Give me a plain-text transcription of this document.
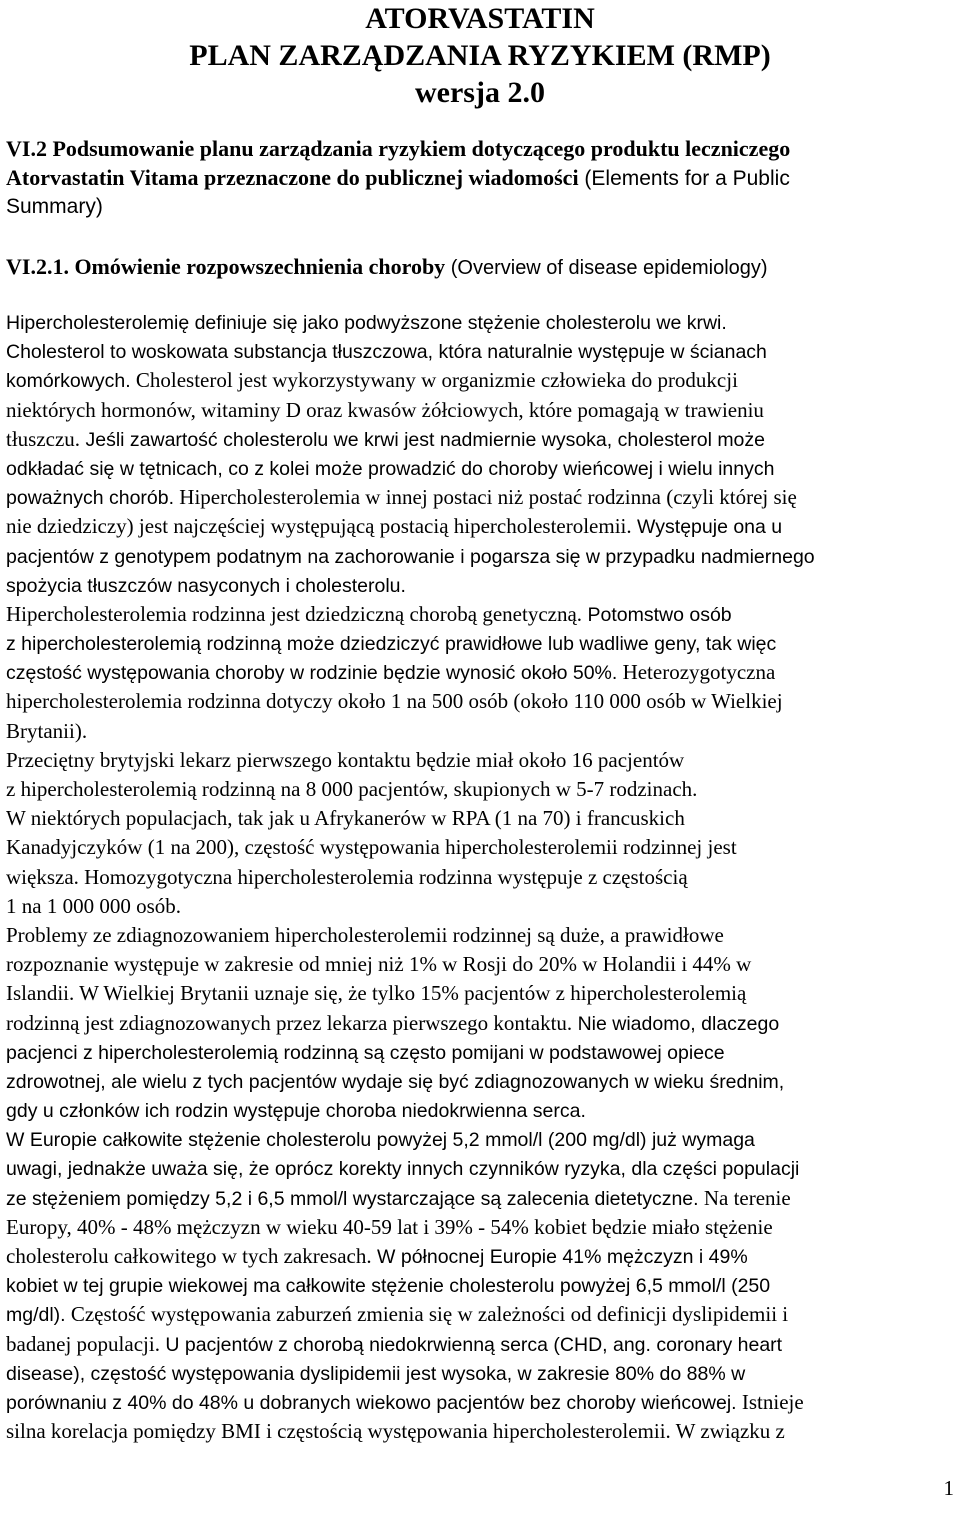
ATORVASTATIN
PLAN ZARZĄDZANIA RYZYKIEM (RMP)
wersja 2.0
VI.2 Podsumowanie planu zarządzania ryzykiem dotyczącego produktu leczniczego
Atorvastatin Vitama przeznaczone do publicznej wiadomości (Elements for a Public
Summary)
VI.2.1. Omówienie rozpowszechnienia choroby (Overview of disease epidemiology)
Hipercholesterolemię definiuje się jako podwyższone stężenie cholesterolu we krwi.
Cholesterol to woskowata substancja tłuszczowa, która naturalnie występuje w ścianach
komórkowych. Cholesterol jest wykorzystywany w organizmie człowieka do produkcji
niektórych hormonów, witaminy D oraz kwasów żółciowych, które pomagają w trawieniu
tłuszczu. Jeśli zawartość cholesterolu we krwi jest nadmiernie wysoka, cholesterol może
odkładać się w tętnicach, co z kolei może prowadzić do choroby wieńcowej i wielu innych
poważnych chorób. Hipercholesterolemia w innej postaci niż postać rodzinna (czyli której się
nie dziedziczy) jest najczęściej występującą postacią hipercholesterolemii. Występuje ona u
pacjentów z genotypem podatnym na zachorowanie i pogarsza się w przypadku nadmiernego
spożycia tłuszczów nasyconych i cholesterolu.
Hipercholesterolemia rodzinna jest dziedziczną chorobą genetyczną. Potomstwo osób
z hipercholesterolemią rodzinną może dziedziczyć prawidłowe lub wadliwe geny, tak więc
częstość występowania choroby w rodzinie będzie wynosić około 50%. Heterozygotyczna
hipercholesterolemia rodzinna dotyczy około 1 na 500 osób (około 110 000 osób w Wielkiej
Brytanii).
Przeciętny brytyjski lekarz pierwszego kontaktu będzie miał około 16 pacjentów
z hipercholesterolemią rodzinną na 8 000 pacjentów, skupionych w 5-7 rodzinach.
W niektórych populacjach, tak jak u Afrykanerów w RPA (1 na 70) i francuskich
Kanadyjczyków (1 na 200), częstość występowania hipercholesterolemii rodzinnej jest
większa. Homozygotyczna hipercholesterolemia rodzinna występuje z częstością
1 na 1 000 000 osób.
Problemy ze zdiagnozowaniem hipercholesterolemii rodzinnej są duże, a prawidłowe
rozpoznanie występuje w zakresie od mniej niż 1% w Rosji do 20% w Holandii i 44% w
Islandii. W Wielkiej Brytanii uznaje się, że tylko 15% pacjentów z hipercholesterolemią
rodzinną jest zdiagnozowanych przez lekarza pierwszego kontaktu. Nie wiadomo, dlaczego
pacjenci z hipercholesterolemią rodzinną są często pomijani w podstawowej opiece
zdrowotnej, ale wielu z tych pacjentów wydaje się być zdiagnozowanych w wieku średnim,
gdy u członków ich rodzin występuje choroba niedokrwienna serca.
W Europie całkowite stężenie cholesterolu powyżej 5,2 mmol/l (200 mg/dl) już wymaga
uwagi, jednakże uważa się, że oprócz korekty innych czynników ryzyka, dla części populacji
ze stężeniem pomiędzy 5,2 i 6,5 mmol/l wystarczające są zalecenia dietetyczne. Na terenie
Europy, 40% - 48% mężczyzn w wieku 40-59 lat i 39% - 54% kobiet będzie miało stężenie
cholesterolu całkowitego w tych zakresach. W północnej Europie 41% mężczyzn i 49%
kobiet w tej grupie wiekowej ma całkowite stężenie cholesterolu powyżej 6,5 mmol/l (250
mg/dl). Częstość występowania zaburzeń zmienia się w zależności od definicji dyslipidemii i
badanej populacji. U pacjentów z chorobą niedokrwienną serca (CHD, ang. coronary heart
disease), częstość występowania dyslipidemii jest wysoka, w zakresie 80% do 88% w
porównaniu z 40% do 48% u dobranych wiekowo pacjentów bez choroby wieńcowej. Istnieje
silna korelacja pomiędzy BMI i częstością występowania hipercholesterolemii. W związku z
1
